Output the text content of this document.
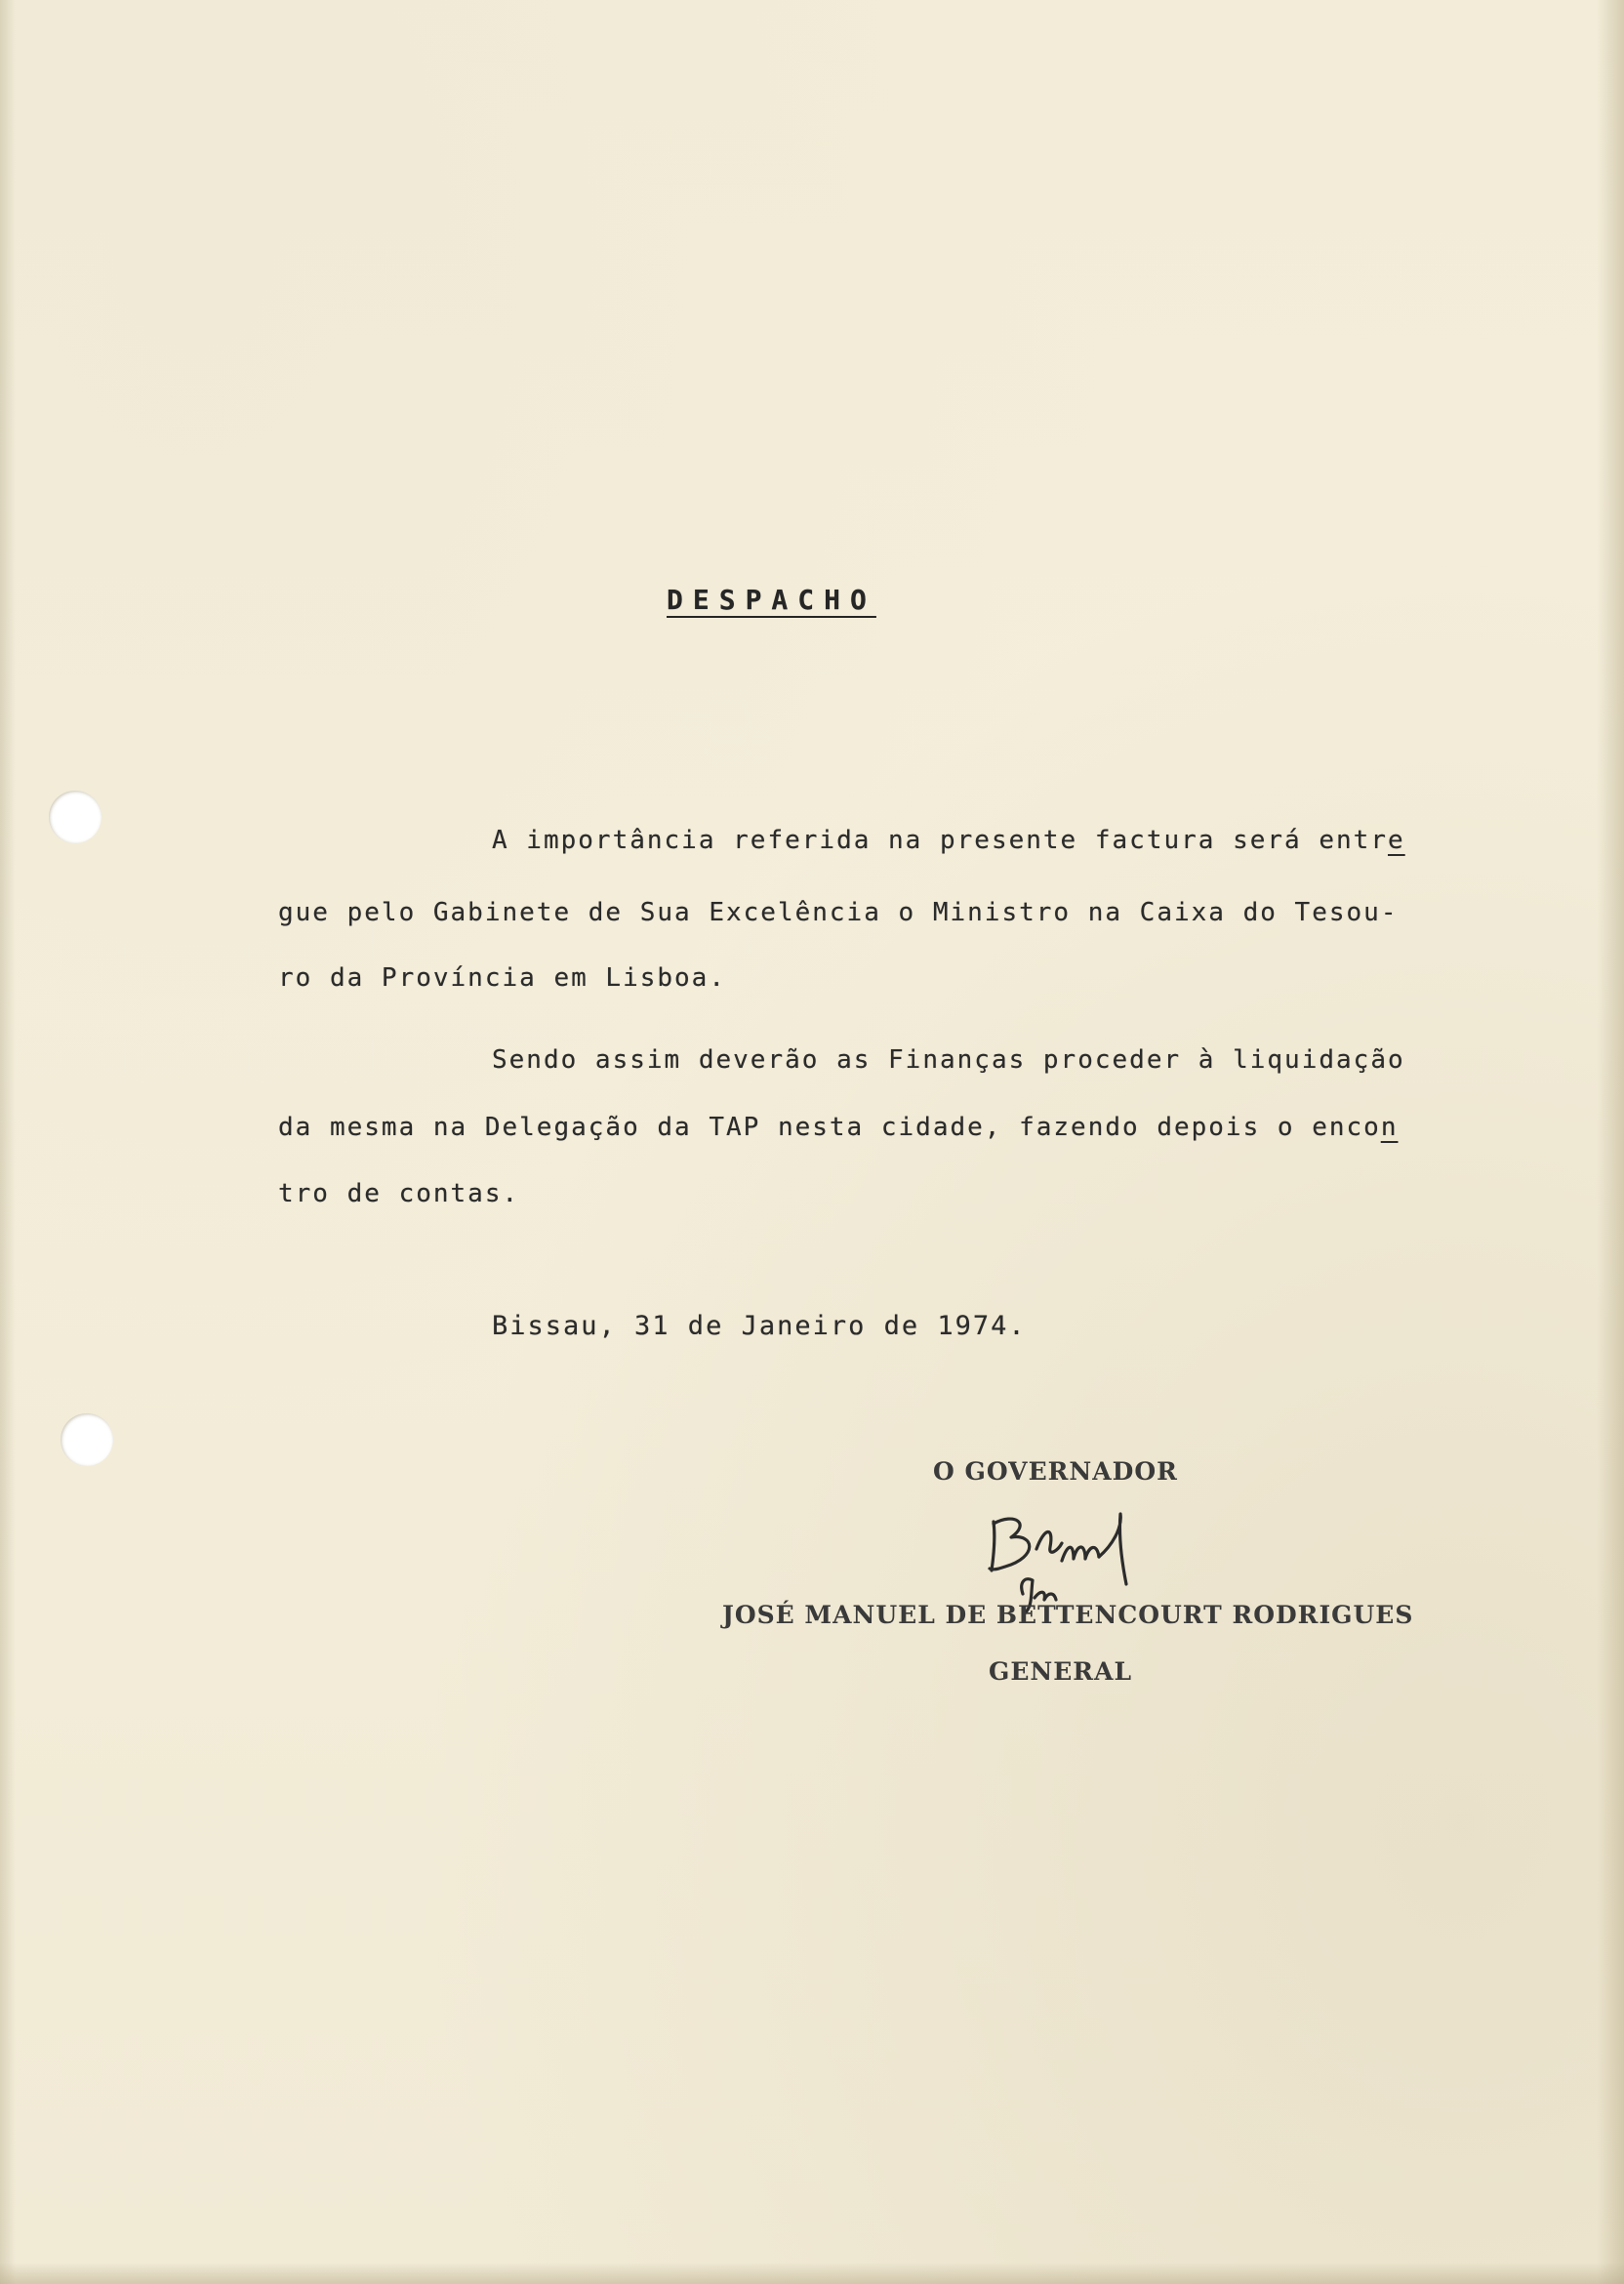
DESPACHO
A importância referida na presente factura será entre
gue pelo Gabinete de Sua Excelência o Ministro na Caixa do Tesou-
ro da Província em Lisboa.
Sendo assim deverão as Finanças proceder à liquidação
da mesma na Delegação da TAP nesta cidade, fazendo depois o encon
tro de contas.
Bissau, 31 de Janeiro de 1974.
O GOVERNADOR
JOSÉ MANUEL DE BETTENCOURT RODRIGUES
GENERAL
